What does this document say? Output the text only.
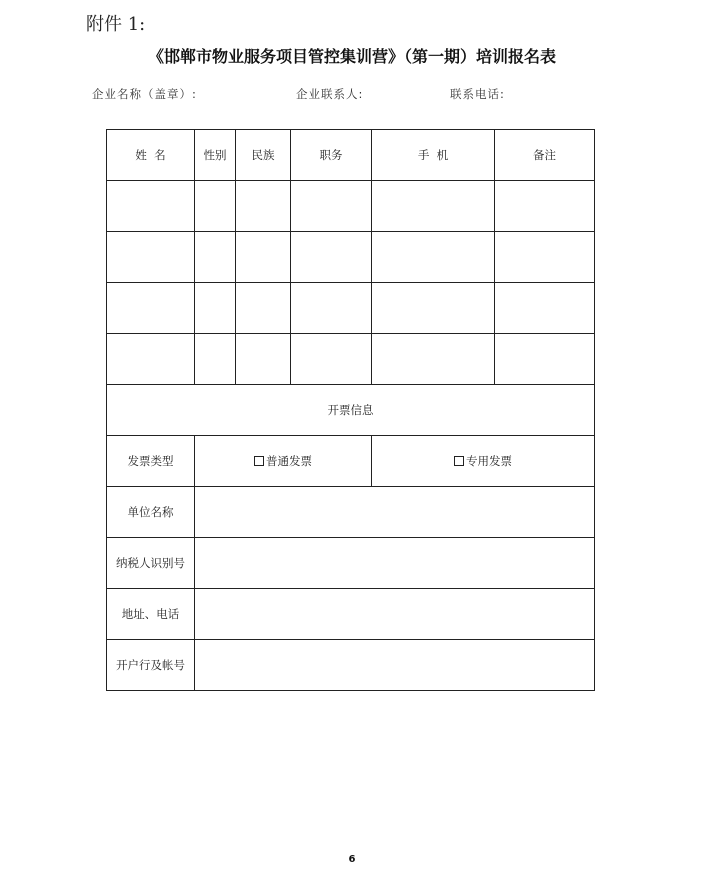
附件 1:
《邯郸市物业服务项目管控集训营》（第一期）培训报名表
企业名称（盖章）:	企业联系人:	联系电话:
姓  名	性别	民族	职务	手  机	备注

开票信息					
发票类型	普通发票			专用发票	
单位名称					
纳税人识别号					
地址、电话					
开户行及帐号					
6
